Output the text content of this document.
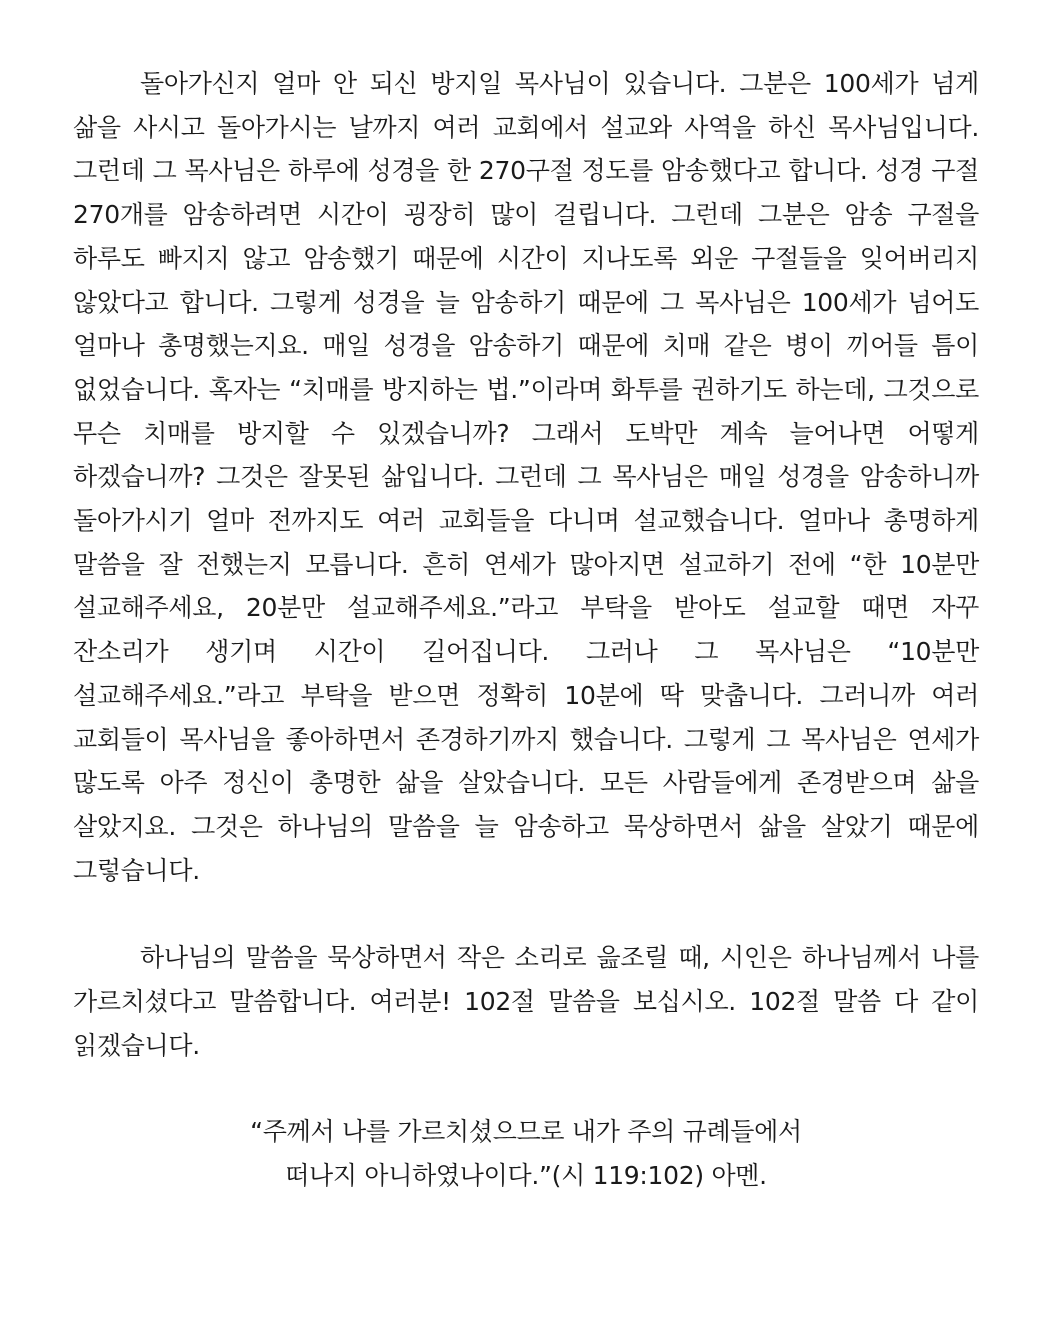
돌아가신지 얼마 안 되신 방지일 목사님이 있습니다. 그분은 100세가 넘게 삶을 사시고 돌아가시는 날까지 여러 교회에서 설교와 사역을 하신 목사님입니다. 그런데 그 목사님은 하루에 성경을 한 270구절 정도를 암송했다고 합니다. 성경 구절 270개를 암송하려면 시간이 굉장히 많이 걸립니다. 그런데 그분은 암송 구절을 하루도 빠지지 않고 암송했기 때문에 시간이 지나도록 외운 구절들을 잊어버리지 않았다고 합니다. 그렇게 성경을 늘 암송하기 때문에 그 목사님은 100세가 넘어도 얼마나 총명했는지요. 매일 성경을 암송하기 때문에 치매 같은 병이 끼어들 틈이 없었습니다. 혹자는 “치매를 방지하는 법.”이라며 화투를 권하기도 하는데, 그것으로 무슨 치매를 방지할 수 있겠습니까? 그래서 도박만 계속 늘어나면 어떻게 하겠습니까? 그것은 잘못된 삶입니다. 그런데 그 목사님은 매일 성경을 암송하니까 돌아가시기 얼마 전까지도 여러 교회들을 다니며 설교했습니다. 얼마나 총명하게 말씀을 잘 전했는지 모릅니다. 흔히 연세가 많아지면 설교하기 전에 “한 10분만 설교해주세요, 20분만 설교해주세요.”라고 부탁을 받아도 설교할 때면 자꾸 잔소리가 생기며 시간이 길어집니다. 그러나 그 목사님은 “10분만 설교해주세요.”라고 부탁을 받으면 정확히 10분에 딱 맞춥니다. 그러니까 여러 교회들이 목사님을 좋아하면서 존경하기까지 했습니다. 그렇게 그 목사님은 연세가 많도록 아주 정신이 총명한 삶을 살았습니다. 모든 사람들에게 존경받으며 삶을 살았지요. 그것은 하나님의 말씀을 늘 암송하고 묵상하면서 삶을 살았기 때문에 그렇습니다.

하나님의 말씀을 묵상하면서 작은 소리로 읊조릴 때, 시인은 하나님께서 나를 가르치셨다고 말씀합니다. 여러분! 102절 말씀을 보십시오. 102절 말씀 다 같이 읽겠습니다.

“주께서 나를 가르치셨으므로 내가 주의 규례들에서
떠나지 아니하였나이다.”(시 119:102) 아멘.
